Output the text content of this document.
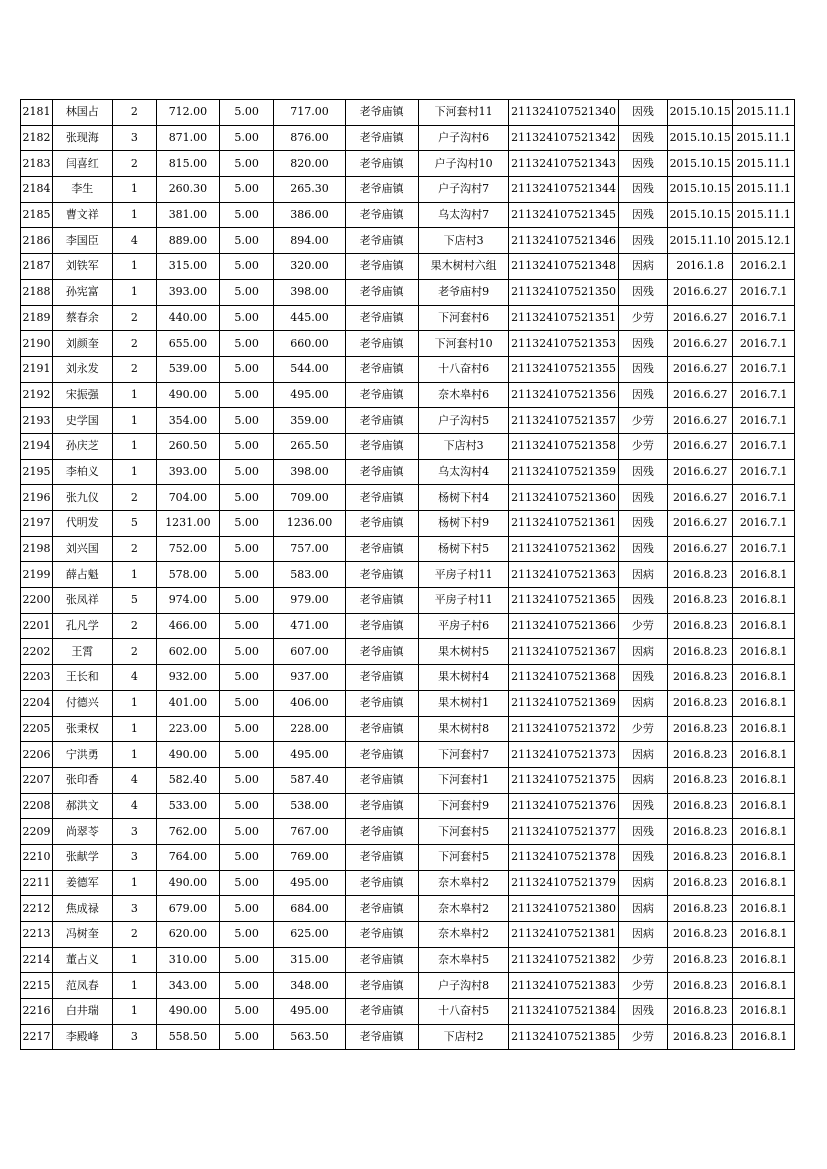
2181	林国占	2	712.00	5.00	717.00	老爷庙镇	下河套村11	211324107521340	因残	2015.10.15	2015.11.1
2182	张现海	3	871.00	5.00	876.00	老爷庙镇	户子沟村6	211324107521342	因残	2015.10.15	2015.11.1
2183	闫喜红	2	815.00	5.00	820.00	老爷庙镇	户子沟村10	211324107521343	因残	2015.10.15	2015.11.1
2184	李生	1	260.30	5.00	265.30	老爷庙镇	户子沟村7	211324107521344	因残	2015.10.15	2015.11.1
2185	曹文祥	1	381.00	5.00	386.00	老爷庙镇	乌太沟村7	211324107521345	因残	2015.10.15	2015.11.1
2186	李国臣	4	889.00	5.00	894.00	老爷庙镇	下店村3	211324107521346	因残	2015.11.10	2015.12.1
2187	刘铁军	1	315.00	5.00	320.00	老爷庙镇	果木树村六组	211324107521348	因病	2016.1.8	2016.2.1
2188	孙宪富	1	393.00	5.00	398.00	老爷庙镇	老爷庙村9	211324107521350	因残	2016.6.27	2016.7.1
2189	蔡春余	2	440.00	5.00	445.00	老爷庙镇	下河套村6	211324107521351	少劳	2016.6.27	2016.7.1
2190	刘颜奎	2	655.00	5.00	660.00	老爷庙镇	下河套村10	211324107521353	因残	2016.6.27	2016.7.1
2191	刘永发	2	539.00	5.00	544.00	老爷庙镇	十八奋村6	211324107521355	因残	2016.6.27	2016.7.1
2192	宋振强	1	490.00	5.00	495.00	老爷庙镇	奈木皋村6	211324107521356	因残	2016.6.27	2016.7.1
2193	史学国	1	354.00	5.00	359.00	老爷庙镇	户子沟村5	211324107521357	少劳	2016.6.27	2016.7.1
2194	孙庆芝	1	260.50	5.00	265.50	老爷庙镇	下店村3	211324107521358	少劳	2016.6.27	2016.7.1
2195	李柏义	1	393.00	5.00	398.00	老爷庙镇	乌太沟村4	211324107521359	因残	2016.6.27	2016.7.1
2196	张九仪	2	704.00	5.00	709.00	老爷庙镇	杨树下村4	211324107521360	因残	2016.6.27	2016.7.1
2197	代明发	5	1231.00	5.00	1236.00	老爷庙镇	杨树下村9	211324107521361	因残	2016.6.27	2016.7.1
2198	刘兴国	2	752.00	5.00	757.00	老爷庙镇	杨树下村5	211324107521362	因残	2016.6.27	2016.7.1
2199	薛占魁	1	578.00	5.00	583.00	老爷庙镇	平房子村11	211324107521363	因病	2016.8.23	2016.8.1
2200	张凤祥	5	974.00	5.00	979.00	老爷庙镇	平房子村11	211324107521365	因残	2016.8.23	2016.8.1
2201	孔凡学	2	466.00	5.00	471.00	老爷庙镇	平房子村6	211324107521366	少劳	2016.8.23	2016.8.1
2202	王霄	2	602.00	5.00	607.00	老爷庙镇	果木树村5	211324107521367	因病	2016.8.23	2016.8.1
2203	王长和	4	932.00	5.00	937.00	老爷庙镇	果木树村4	211324107521368	因残	2016.8.23	2016.8.1
2204	付德兴	1	401.00	5.00	406.00	老爷庙镇	果木树村1	211324107521369	因病	2016.8.23	2016.8.1
2205	张秉权	1	223.00	5.00	228.00	老爷庙镇	果木树村8	211324107521372	少劳	2016.8.23	2016.8.1
2206	宁洪勇	1	490.00	5.00	495.00	老爷庙镇	下河套村7	211324107521373	因病	2016.8.23	2016.8.1
2207	张印香	4	582.40	5.00	587.40	老爷庙镇	下河套村1	211324107521375	因病	2016.8.23	2016.8.1
2208	郝洪文	4	533.00	5.00	538.00	老爷庙镇	下河套村9	211324107521376	因残	2016.8.23	2016.8.1
2209	尚翠苓	3	762.00	5.00	767.00	老爷庙镇	下河套村5	211324107521377	因残	2016.8.23	2016.8.1
2210	张献学	3	764.00	5.00	769.00	老爷庙镇	下河套村5	211324107521378	因残	2016.8.23	2016.8.1
2211	姜德军	1	490.00	5.00	495.00	老爷庙镇	奈木皋村2	211324107521379	因病	2016.8.23	2016.8.1
2212	焦成禄	3	679.00	5.00	684.00	老爷庙镇	奈木皋村2	211324107521380	因病	2016.8.23	2016.8.1
2213	冯树奎	2	620.00	5.00	625.00	老爷庙镇	奈木皋村2	211324107521381	因病	2016.8.23	2016.8.1
2214	董占义	1	310.00	5.00	315.00	老爷庙镇	奈木皋村5	211324107521382	少劳	2016.8.23	2016.8.1
2215	范凤春	1	343.00	5.00	348.00	老爷庙镇	户子沟村8	211324107521383	少劳	2016.8.23	2016.8.1
2216	白井瑞	1	490.00	5.00	495.00	老爷庙镇	十八奋村5	211324107521384	因残	2016.8.23	2016.8.1
2217	李殿峰	3	558.50	5.00	563.50	老爷庙镇	下店村2	211324107521385	少劳	2016.8.23	2016.8.1
